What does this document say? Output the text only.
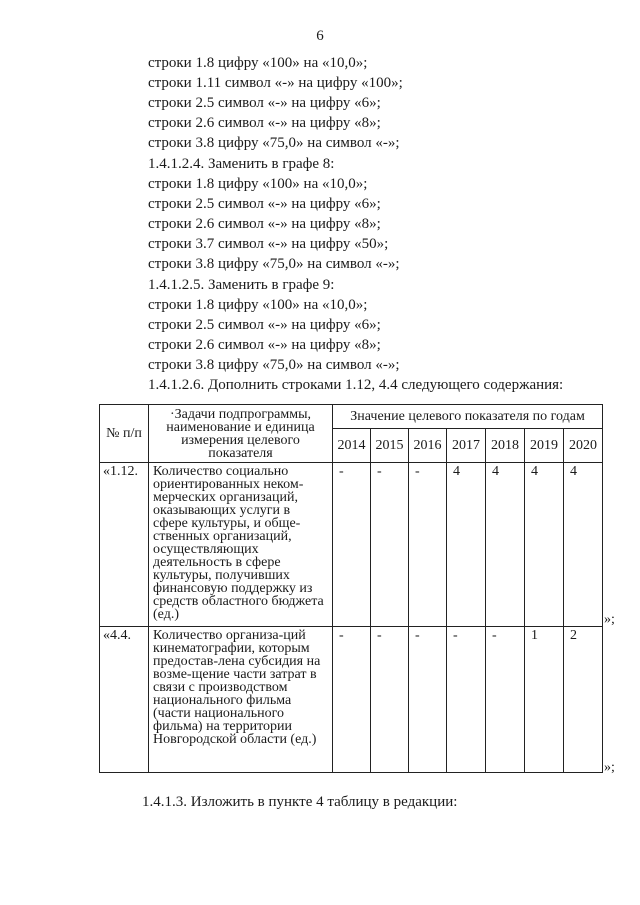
6
строки 1.8 цифру «100» на «10,0»;
строки 1.11 символ «-» на цифру «100»;
строки 2.5 символ «-» на цифру «6»;
строки 2.6 символ «-» на цифру «8»;
строки 3.8 цифру «75,0» на символ «-»;
1.4.1.2.4. Заменить в графе 8:
строки 1.8 цифру «100» на «10,0»;
строки 2.5 символ «-» на цифру «6»;
строки 2.6 символ «-» на цифру «8»;
строки 3.7 символ «-» на цифру «50»;
строки 3.8 цифру «75,0» на символ «-»;
1.4.1.2.5. Заменить в графе 9:
строки 1.8 цифру «100» на «10,0»;
строки 2.5 символ «-» на цифру «6»;
строки 2.6 символ «-» на цифру «8»;
строки 3.8 цифру «75,0» на символ «-»;
1.4.1.2.6. Дополнить строками 1.12, 4.4 следующего содержания:
№ п/п	·Задачи подпрограммы, наименование и единица измерения целевого показателя	Значение целевого показателя по годам						
		2014	2015	2016	2017	2018	2019	2020
«1.12.	Количество социально ориентированных неком-мерческих организаций, оказывающих услуги в сфере культуры, и обще-ственных организаций, осуществляющих деятельность в сфере культуры, получивших финансовую поддержку из средств областного бюджета (ед.)	-	-	-	4	4	4	4
«4.4.	Количество организа-ций кинематографии, которым предостав-лена субсидия на возме-щение части затрат в связи с производством национального фильма (части национального фильма) на территории Новгородской области (ед.)	-	-	-	-	-	1	2
»;
»;
1.4.1.3. Изложить в пункте 4 таблицу в редакции:
